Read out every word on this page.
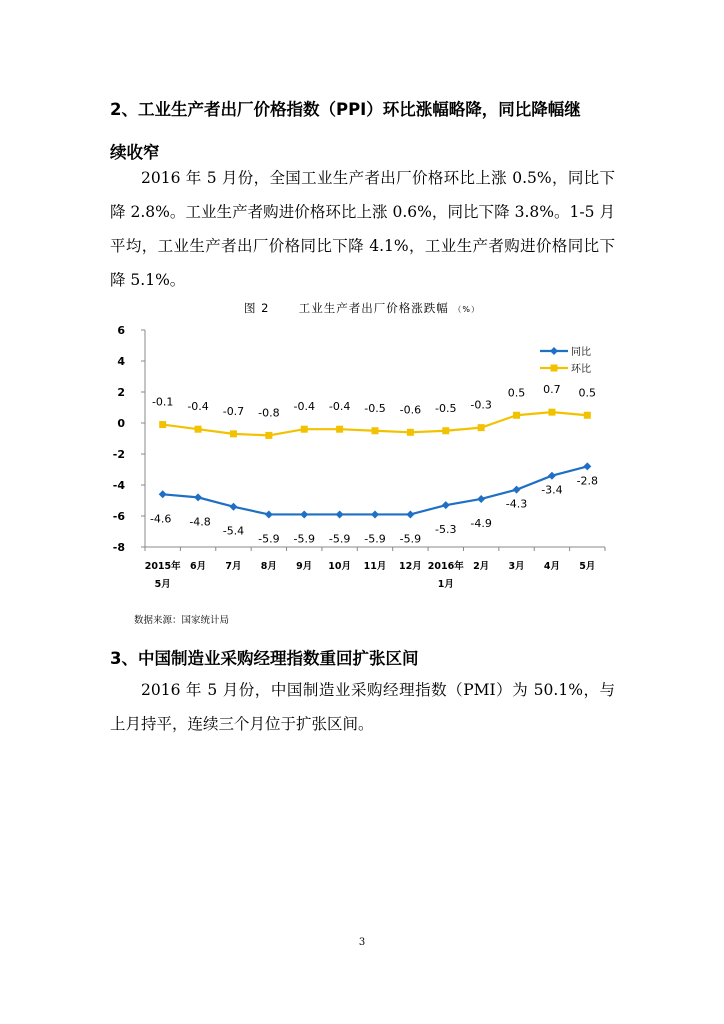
2、工业生产者出厂价格指数（PPI）环比涨幅略降，同比降幅继
续收窄

2016 年 5 月份，全国工业生产者出厂价格环比上涨 0.5%，同比下降 2.8%。工业生产者购进价格环比上涨 0.6%，同比下降 3.8%。1-5 月平均，工业生产者出厂价格同比下降 4.1%，工业生产者购进价格同比下降 5.1%。

图 2	工业生产者出厂价格涨跌幅 （%）
6
4
2
0
-2
-4
-6
-8
2015年
5月
6月 7月 8月 9月 10月 11月 12月 2016年
1月
2月 3月 4月 5月
-4.6 -4.8
-5.4
-5.9 -5.9 -5.9 -5.9 -5.9
-5.3 -4.9
-4.3
-3.4
-2.8
-0.1 -0.4 -0.7 -0.8 -0.4 -0.4 -0.5 -0.6 -0.5 -0.3
0.5 0.7 0.5
同比
环比
数据来源：国家统计局
3、中国制造业采购经理指数重回扩张区间

2016 年 5 月份，中国制造业采购经理指数（PMI）为 50.1%，与上月持平，连续三个月位于扩张区间。

3
